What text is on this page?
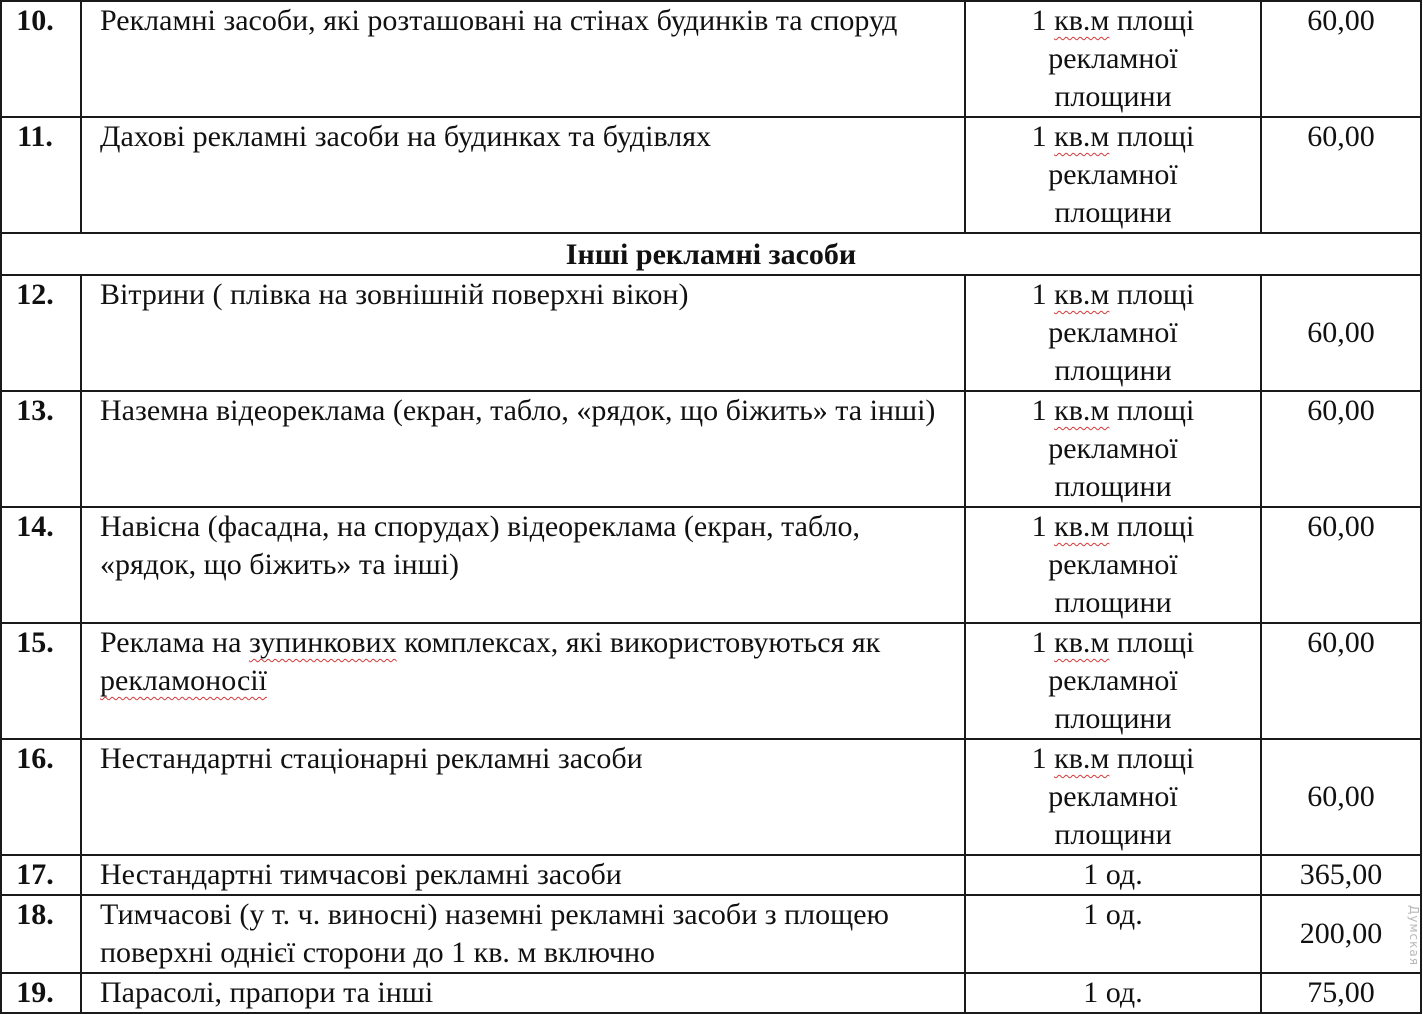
10.	Рекламні засоби, які розташовані на стінах будинків та споруд	1 кв.м площі
рекламної
площини	60,00
11.	Дахові рекламні засоби на будинках та будівлях	1 кв.м площі
рекламної
площини	60,00
Інші рекламні засоби			
12.	Вітрини ( плівка на зовнішній поверхні вікон)	1 кв.м площі
рекламної
площини	60,00
13.	Наземна відеореклама (екран, табло, «рядок, що біжить» та інші)	1 кв.м площі
рекламної
площини	60,00
14.	Навісна (фасадна, на спорудах) відеореклама (екран, табло, «рядок, що біжить» та інші)	1 кв.м площі
рекламної
площини	60,00
15.	Реклама на зупинкових комплексах, які використовуються як рекламоносії	1 кв.м площі
рекламної
площини	60,00
16.	Нестандартні стаціонарні рекламні засоби	1 кв.м площі
рекламної
площини	60,00
17.	Нестандартні тимчасові рекламні засоби	1 од.	365,00
18.	Тимчасові (у т. ч. виносні) наземні рекламні засоби з площею поверхні однієї сторони до 1 кв. м включно	1 од.	200,00
19.	Парасолі, прапори та інші	1 од.	75,00
Думская
